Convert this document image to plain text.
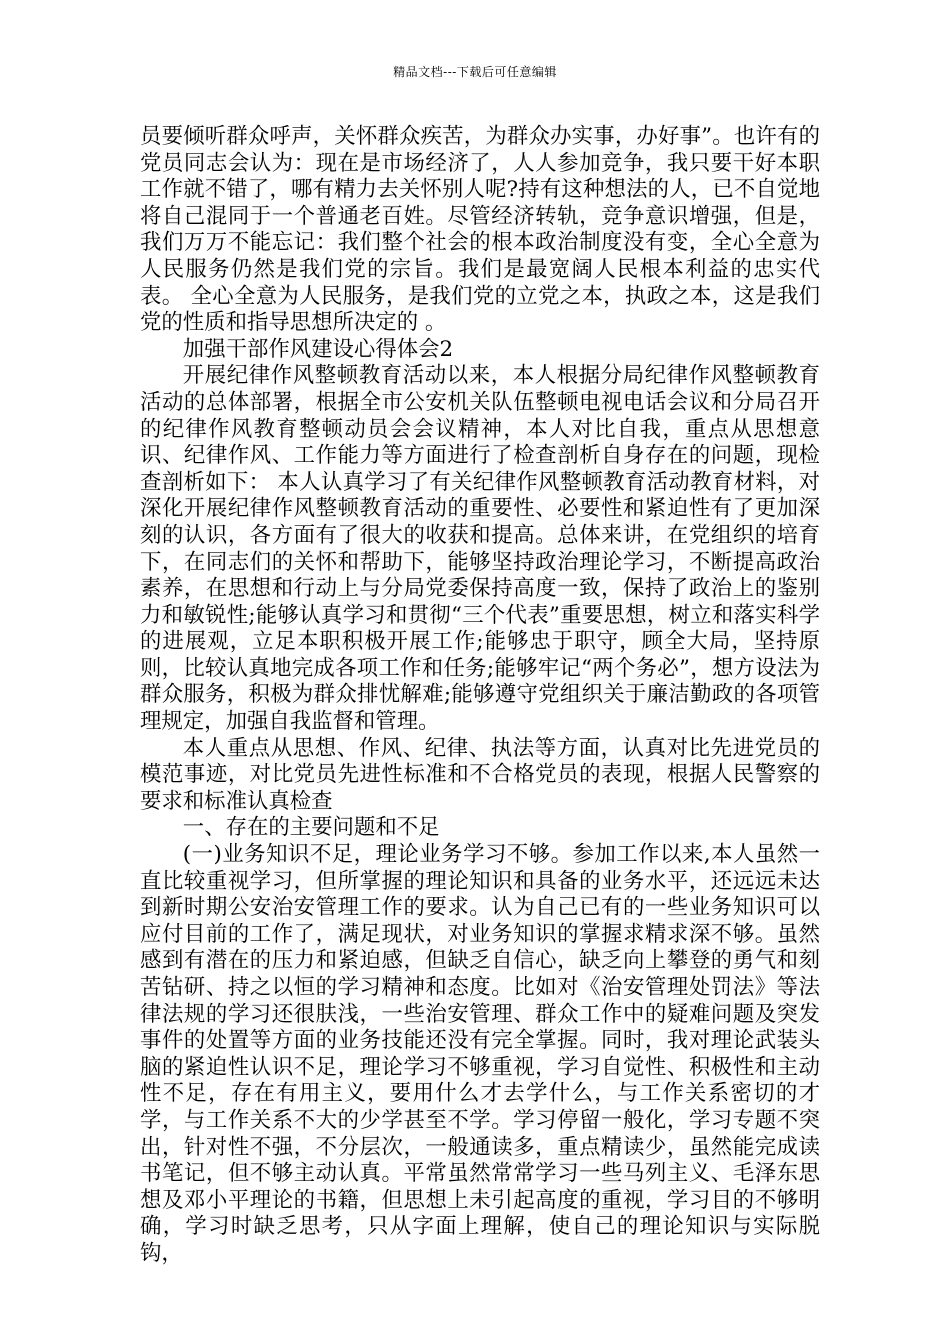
精品文档---下载后可任意编辑

员要倾听群众呼声，关怀群众疾苦，为群众办实事，办好事”。也许有的党员同志会认为：现在是市场经济了，人人参加竞争，我只要干好本职工作就不错了，哪有精力去关怀别人呢?持有这种想法的人，已不自觉地将自己混同于一个普通老百姓。尽管经济转轨，竞争意识增强，但是，我们万万不能忘记：我们整个社会的根本政治制度没有变，全心全意为人民服务仍然是我们党的宗旨。我们是最宽阔人民根本利益的忠实代表。 全心全意为人民服务，是我们党的立党之本，执政之本，这是我们党的性质和指导思想所决定的 。

加强干部作风建设心得体会2

开展纪律作风整顿教育活动以来，本人根据分局纪律作风整顿教育活动的总体部署，根据全市公安机关队伍整顿电视电话会议和分局召开的纪律作风教育整顿动员会会议精神，本人对比自我，重点从思想意识、纪律作风、工作能力等方面进行了检查剖析自身存在的问题，现检查剖析如下： 本人认真学习了有关纪律作风整顿教育活动教育材料，对深化开展纪律作风整顿教育活动的重要性、必要性和紧迫性有了更加深刻的认识，各方面有了很大的收获和提高。总体来讲，在党组织的培育下，在同志们的关怀和帮助下，能够坚持政治理论学习，不断提高政治素养，在思想和行动上与分局党委保持高度一致，保持了政治上的鉴别力和敏锐性;能够认真学习和贯彻“三个代表”重要思想，树立和落实科学的进展观，立足本职积极开展工作;能够忠于职守，顾全大局，坚持原则，比较认真地完成各项工作和任务;能够牢记“两个务必”，想方设法为群众服务，积极为群众排忧解难;能够遵守党组织关于廉洁勤政的各项管理规定，加强自我监督和管理。

本人重点从思想、作风、纪律、执法等方面，认真对比先进党员的模范事迹，对比党员先进性标准和不合格党员的表现，根据人民警察的要求和标准认真检查

一、存在的主要问题和不足

(一)业务知识不足，理论业务学习不够。参加工作以来,本人虽然一直比较重视学习，但所掌握的理论知识和具备的业务水平，还远远未达到新时期公安治安管理工作的要求。认为自己已有的一些业务知识可以应付目前的工作了，满足现状，对业务知识的掌握求精求深不够。虽然感到有潜在的压力和紧迫感，但缺乏自信心，缺乏向上攀登的勇气和刻苦钻研、持之以恒的学习精神和态度。比如对《治安管理处罚法》等法律法规的学习还很肤浅，一些治安管理、群众工作中的疑难问题及突发事件的处置等方面的业务技能还没有完全掌握。同时，我对理论武装头脑的紧迫性认识不足，理论学习不够重视，学习自觉性、积极性和主动性不足，存在有用主义，要用什么才去学什么，与工作关系密切的才学，与工作关系不大的少学甚至不学。学习停留一般化，学习专题不突出，针对性不强，不分层次，一般通读多，重点精读少，虽然能完成读书笔记，但不够主动认真。平常虽然常常学习一些马列主义、毛泽东思想及邓小平理论的书籍，但思想上未引起高度的重视，学习目的不够明确，学习时缺乏思考，只从字面上理解，使自己的理论知识与实际脱钩，
